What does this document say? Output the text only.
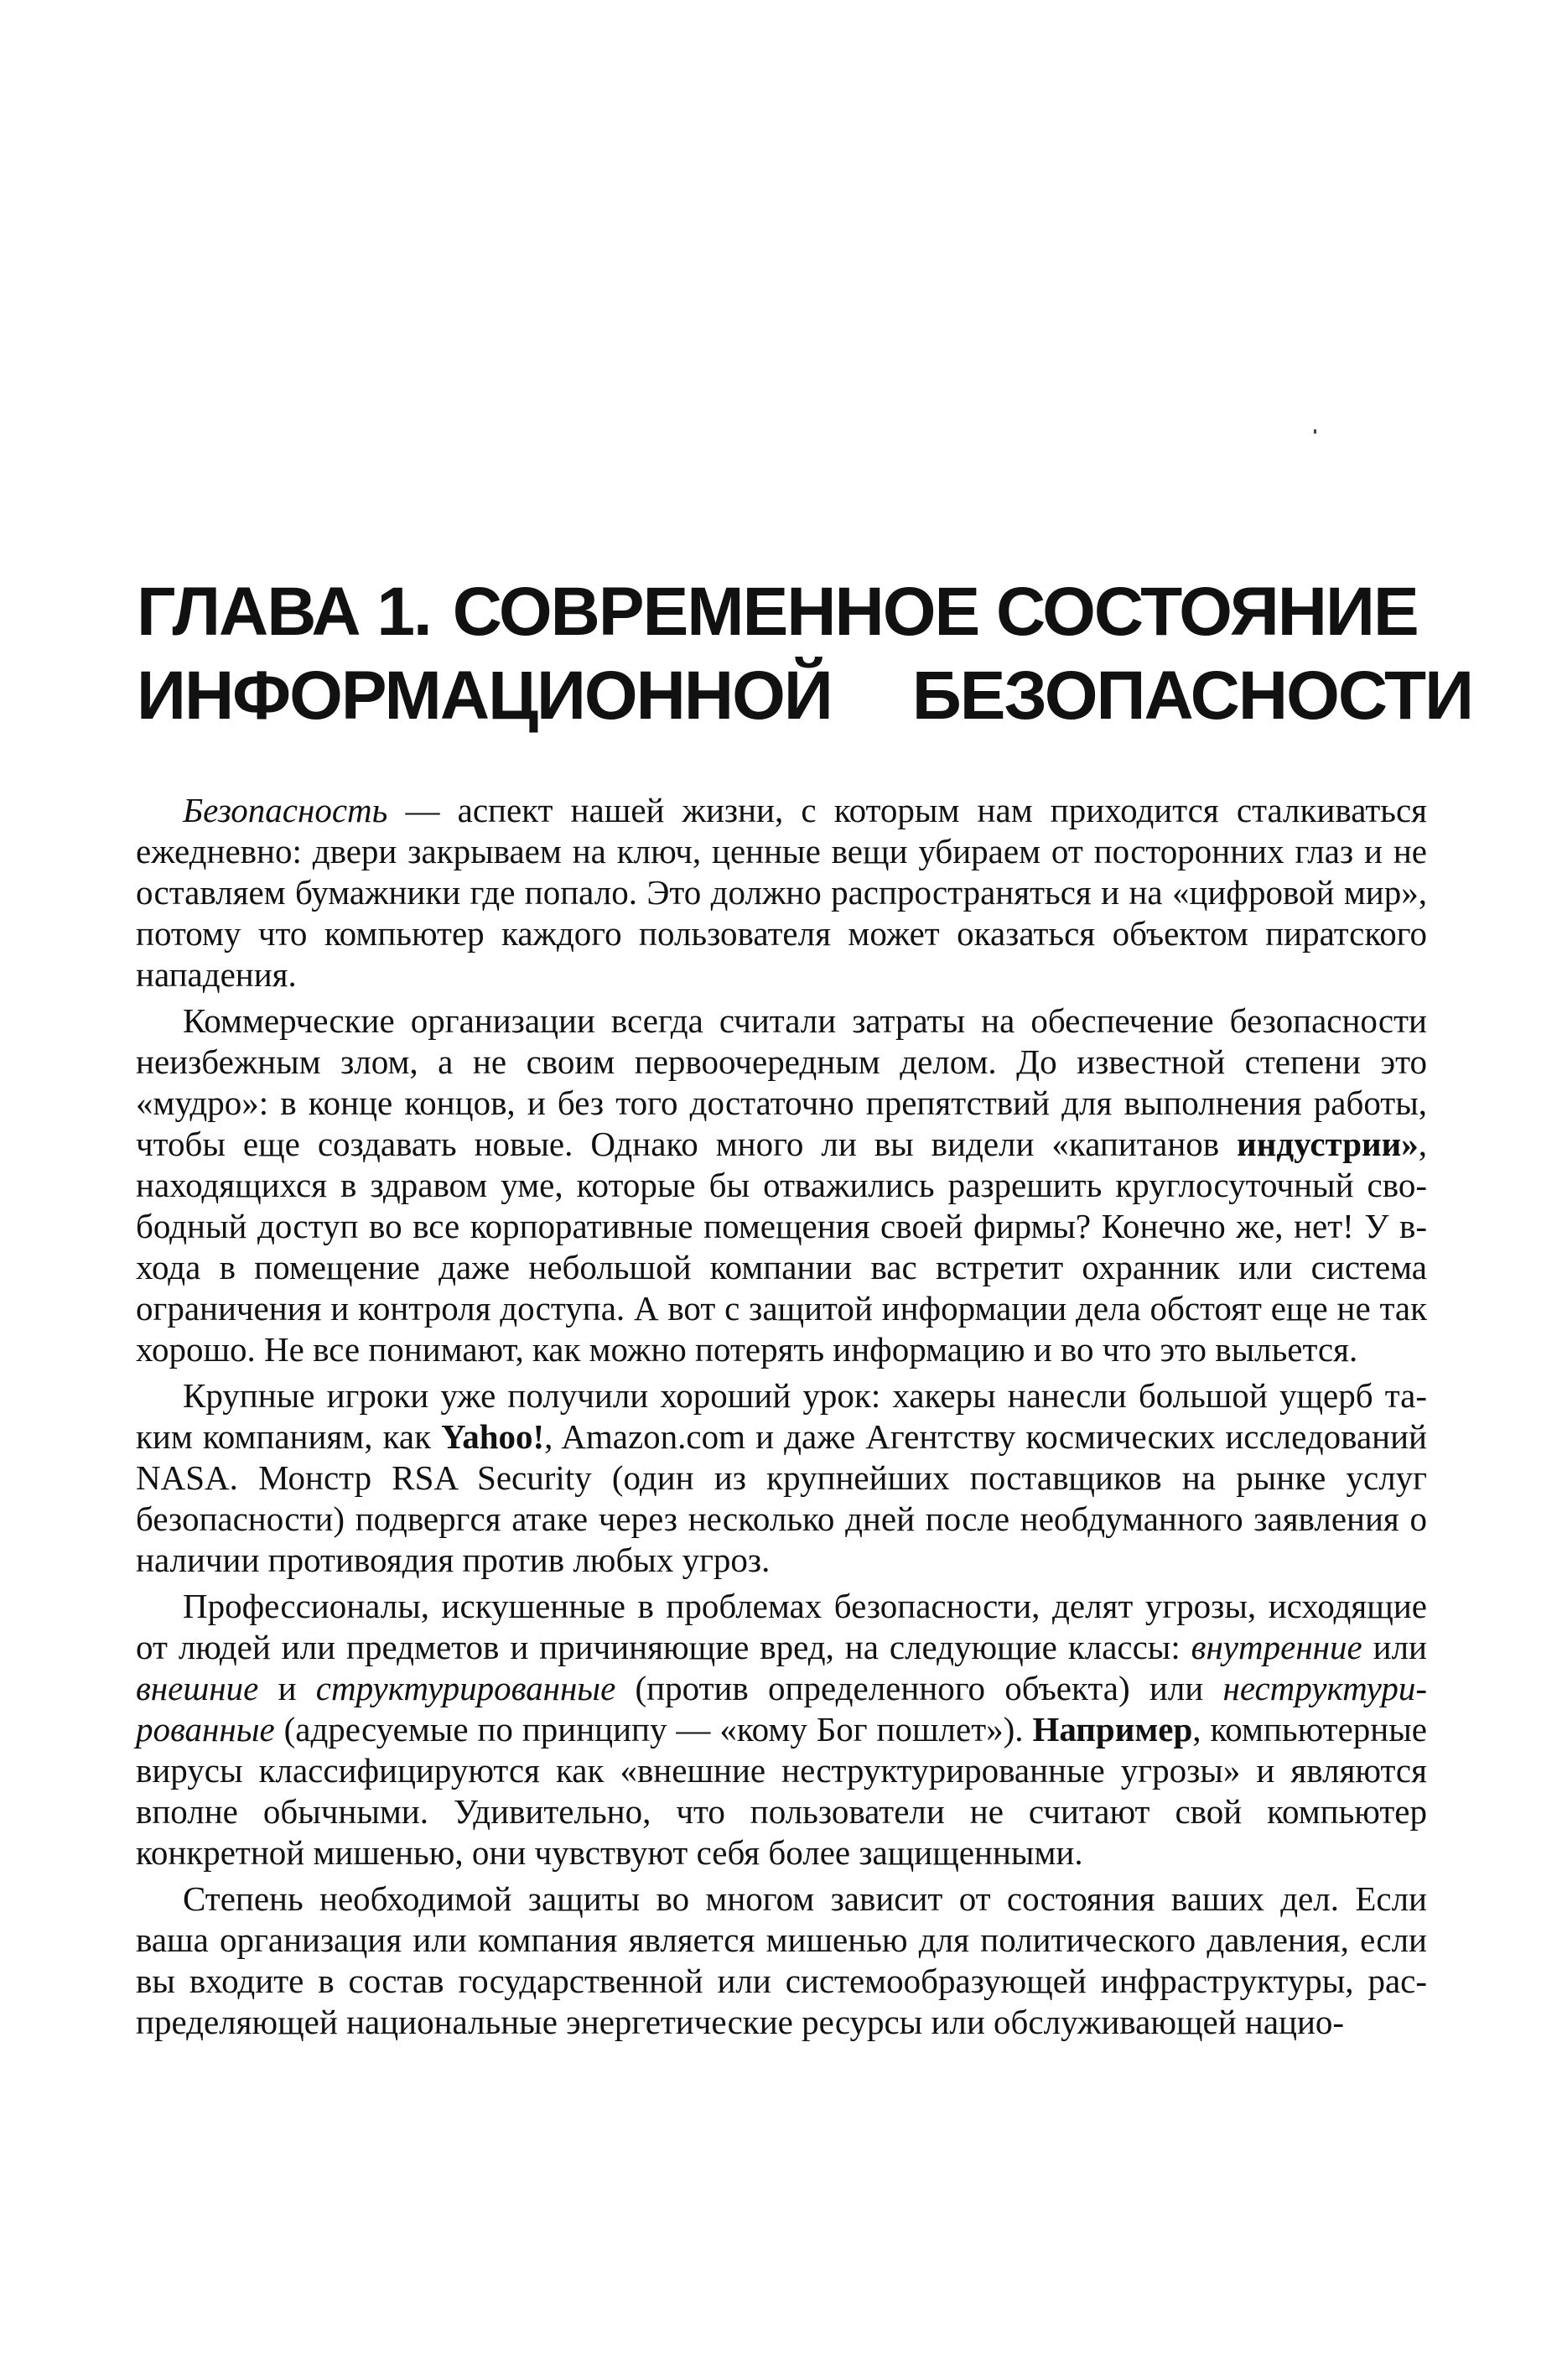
ГЛАВА 1. СОВРЕМЕННОЕ СОСТОЯНИЕ
ИНФОРМАЦИОННОЙ БЕЗОПАСНОСТИ

Безопасность — аспект нашей жизни, с которым нам приходится сталкиваться ежедневно: двери закрываем на ключ, ценные вещи убираем от посторонних глаз и не оставляем бумажники где попало. Это должно распространяться и на «цифровой мир», потому что компьютер каждого пользователя может оказаться объектом пиратского нападения.

Коммерческие организации всегда считали затраты на обеспечение безопасности неизбежным злом, а не своим первоочередным делом. До известной степени это «мудро»: в конце концов, и без того достаточно препятствий для выполнения работы, чтобы еще создавать новые. Однако много ли вы видели «капитанов индустрии», находящихся в здравом уме, которые бы отважились разрешить круглосуточный свободный доступ во все корпоративные помещения своей фирмы? Конечно же, нет! У входа в помещение даже небольшой компании вас встретит охранник или система ограничения и контроля доступа. А вот с защитой информации дела обстоят еще не так хорошо. Не все понимают, как можно потерять информацию и во что это выльется.

Крупные игроки уже получили хороший урок: хакеры нанесли большой ущерб таким компаниям, как Yahoo!, Amazon.com и даже Агентству космических исследований NASA. Монстр RSA Security (один из крупнейших поставщиков на рынке услуг безопасности) подвергся атаке через несколько дней после необдуманного заявления о наличии противоядия против любых угроз.

Профессионалы, искушенные в проблемах безопасности, делят угрозы, исходящие от людей или предметов и причиняющие вред, на следующие классы: внутренние или внешние и структурированные (против определенного объекта) или неструктурированные (адресуемые по принципу — «кому Бог пошлет»). Например, компьютерные вирусы классифицируются как «внешние неструктурированные угрозы» и являются вполне обычными. Удивительно, что пользователи не считают свой компьютер конкретной мишенью, они чувствуют себя более защищенными.

Степень необходимой защиты во многом зависит от состояния ваших дел. Если ваша организация или компания является мишенью для политического давления, если вы входите в состав государственной или системообразующей инфраструктуры, распределяющей национальные энергетические ресурсы или обслуживающей нацио-
